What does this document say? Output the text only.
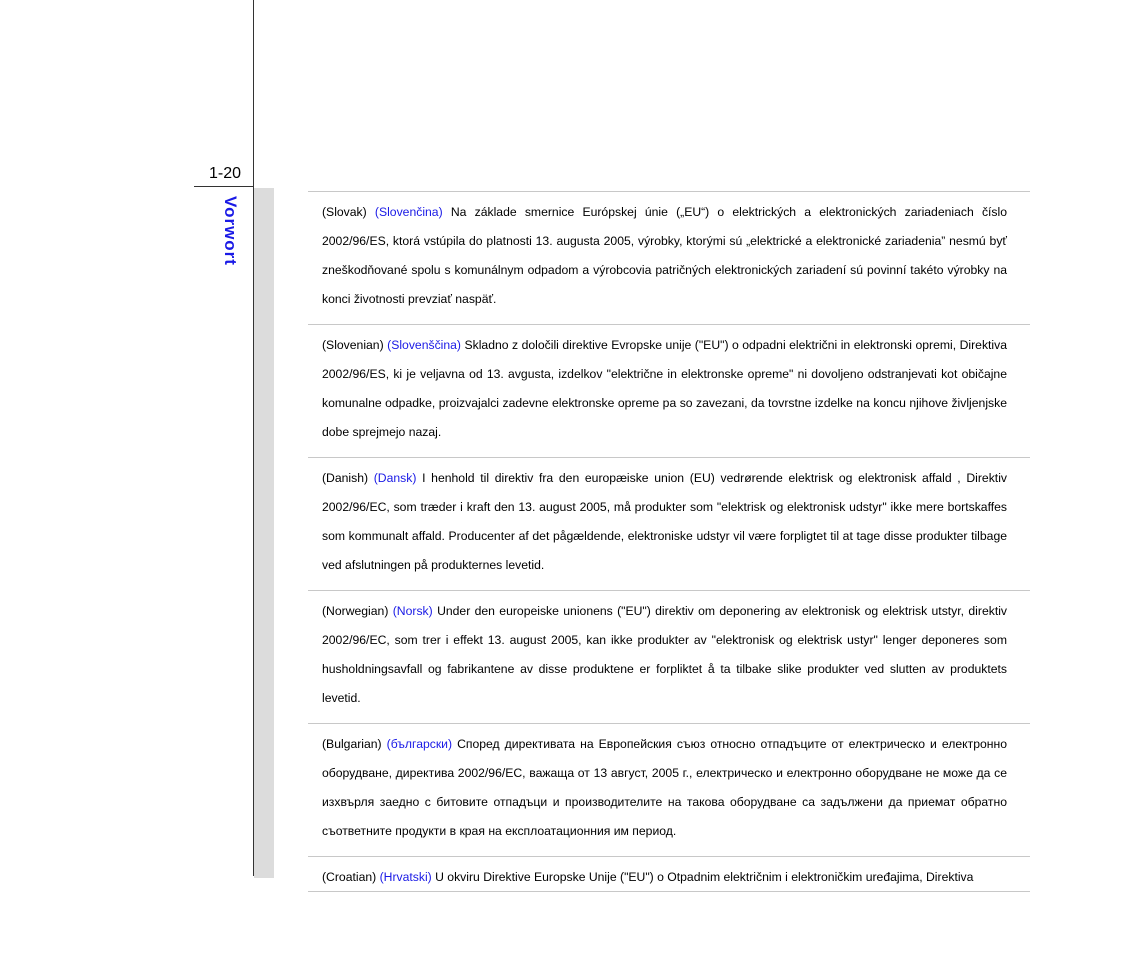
1-20
Vorwort	(Slovak) (Slovenčina) Na základe smernice Európskej únie („EU“) o elektrických a elektronických zariadeniach číslo 2002/96/ES, ktorá vstúpila do platnosti 13. augusta 2005, výrobky, ktorými sú „elektrické a elektronické zariadenia” nesmú byť zneškodňované spolu s komunálnym odpadom a výrobcovia patričných elektronických zariadení sú povinní takéto výrobky na konci životnosti prevziať naspäť.
(Slovenian) (Slovenščina) Skladno z določili direktive Evropske unije ("EU") o odpadni električni in elektronski opremi, Direktiva 2002/96/ES, ki je veljavna od 13. avgusta, izdelkov "električne in elektronske opreme" ni dovoljeno odstranjevati kot običajne komunalne odpadke, proizvajalci zadevne elektronske opreme pa so zavezani, da tovrstne izdelke na koncu njihove življenjske dobe sprejmejo nazaj.
(Danish) (Dansk) I henhold til direktiv fra den europæiske union (EU) vedrørende elektrisk og elektronisk affald , Direktiv 2002/96/EC, som træder i kraft den 13. august 2005, må produkter som "elektrisk og elektronisk udstyr" ikke mere bortskaffes som kommunalt affald. Producenter af det pågældende, elektroniske udstyr vil være forpligtet til at tage disse produkter tilbage ved afslutningen på produkternes levetid.
(Norwegian) (Norsk) Under den europeiske unionens ("EU") direktiv om deponering av elektronisk og elektrisk utstyr, direktiv 2002/96/EC, som trer i effekt 13. august 2005, kan ikke produkter av "elektronisk og elektrisk ustyr" lenger deponeres som husholdningsavfall og fabrikantene av disse produktene er forpliktet å ta tilbake slike produkter ved slutten av produktets levetid.
(Bulgarian) (български) Според директивата на Европейския съюз относно отпадъците от електрическо и електронно оборудване, директива 2002/96/EC, важаща от 13 август, 2005 г., електрическо и електронно оборудване не може да се изхвърля заедно с битовите отпадъци и производителите на такова оборудване са задължени да приемат обратно съответните продукти в края на експлоатационния им период.
(Croatian) (Hrvatski) U okviru Direktive Europske Unije ("EU") o Otpadnim električnim i elektroničkim uređajima, Direktiva
